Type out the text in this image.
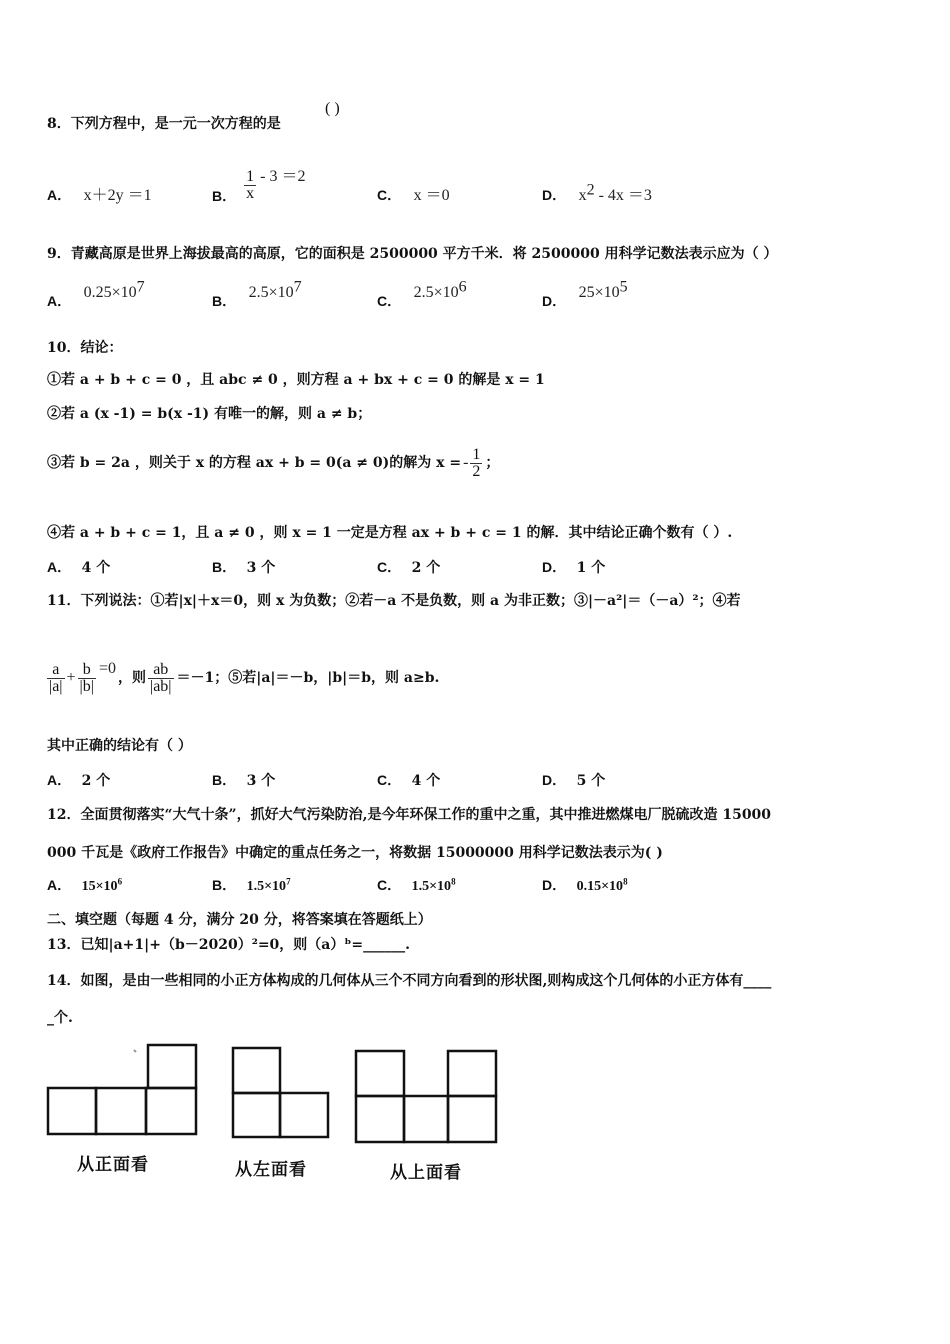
8．下列方程中，是一元一次方程的是
( )
A． x＋2y ＝1	B． $\frac{1}{x} - 3 =2$
C． x ＝0	D． $x^2 - 4x =3$
9．青藏高原是世界上海拔最高的高原，它的面积是 2500000 平方千米．将 2500000 用科学记数法表示应为（ ）
A． $0.25\times 10^7$
B． $2.5\times 10^7$
C． $2.5\times 10^6$
D． $25\times 10^5$
10．结论：
①若 a + b + c = 0 ，且 abc ≠ 0 ，则方程 a + bx + c = 0 的解是 x = 1
②若 a (x -1) = b(x -1) 有唯一的解，则 a ≠ b；
③若 b = 2a ，则关于 x 的方程 ax + b = 0(a ≠ 0)的解为 x = - $\frac{1}{2}$ ；
④若 a + b + c = 1，且 a ≠ 0 ，则 x = 1 一定是方程 ax + b + c = 1 的解．其中结论正确个数有（ ）.
A． 4 个	B． 3 个	C． 2 个	D． 1 个
11．下列说法：①若|x|＋x＝0，则 x 为负数；②若－a 不是负数，则 a 为非正数；③|－a²|＝（－a）²；④若
$\frac{a}{|a|} + \frac{b}{|b|} =0$
，则 $\frac{ab}{|ab|} =-1$；⑤若|a|＝－b，|b|＝b，则 a≥b.
其中正确的结论有（ ）
A． 2 个	B． 3 个	C． 4 个	D． 5 个
12．全面贯彻落实“大气十条”，抓好大气污染防治,是今年环保工作的重中之重，其中推进燃煤电厂脱硫改造 15000
000 千瓦是《政府工作报告》中确定的重点任务之一，将数据 15000000 用科学记数法表示为( )
A． $15\times 10^6$	B． $1.5\times 10^7$	C． $1.5\times 10^8$	D． $0.15\times 10^8$
二、填空题（每题 4 分，满分 20 分，将答案填在答题纸上）
13．已知|a+1|+（b－2020）²=0，则（a）ᵇ=______.
14．如图，是由一些相同的小正方体构成的几何体从三个不同方向看到的形状图,则构成这个几何体的小正方体有____
_个.
从正面看	从左面看	从上面看
